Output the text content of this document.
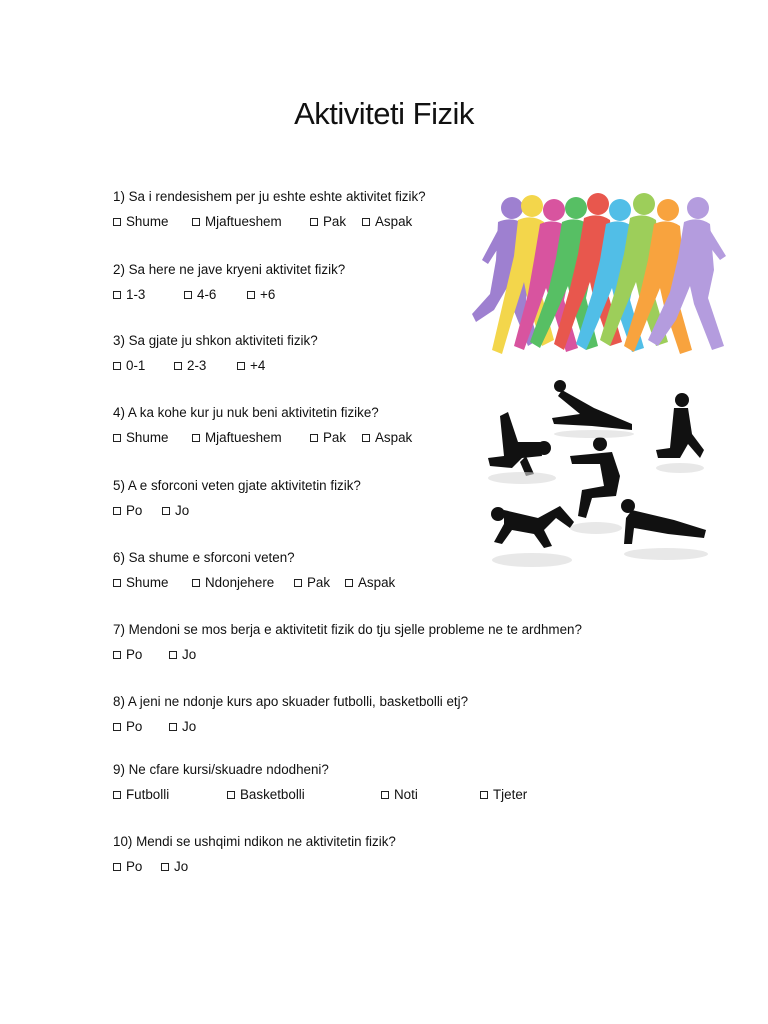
Aktiviteti Fizik
1) Sa i rendesishem per ju eshte eshte aktivitet fizik?
Shume	Mjaftueshem	Pak Aspak
2) Sa here ne jave kryeni aktivitet fizik?
1-3	4-6	+6
3) Sa gjate ju shkon aktiviteti fizik?
0-1	2-3	+4
4) A ka kohe kur ju nuk beni aktivitetin fizike?
Shume	Mjaftueshem	Pak Aspak
5) A e sforconi veten gjate aktivitetin fizik?
Po Jo
6) Sa shume e sforconi veten?
Shume	Ndonjehere Pak Aspak
7) Mendoni se mos berja e aktivitetit fizik do tju sjelle probleme ne te ardhmen?
Po	Jo
8) A jeni ne ndonje kurs apo skuader futbolli, basketbolli etj?
Po	Jo
9) Ne cfare kursi/skuadre ndodheni?
Futbolli	Basketbolli	Noti	Tjeter
10) Mendi se ushqimi ndikon ne aktivitetin fizik?
Po Jo
